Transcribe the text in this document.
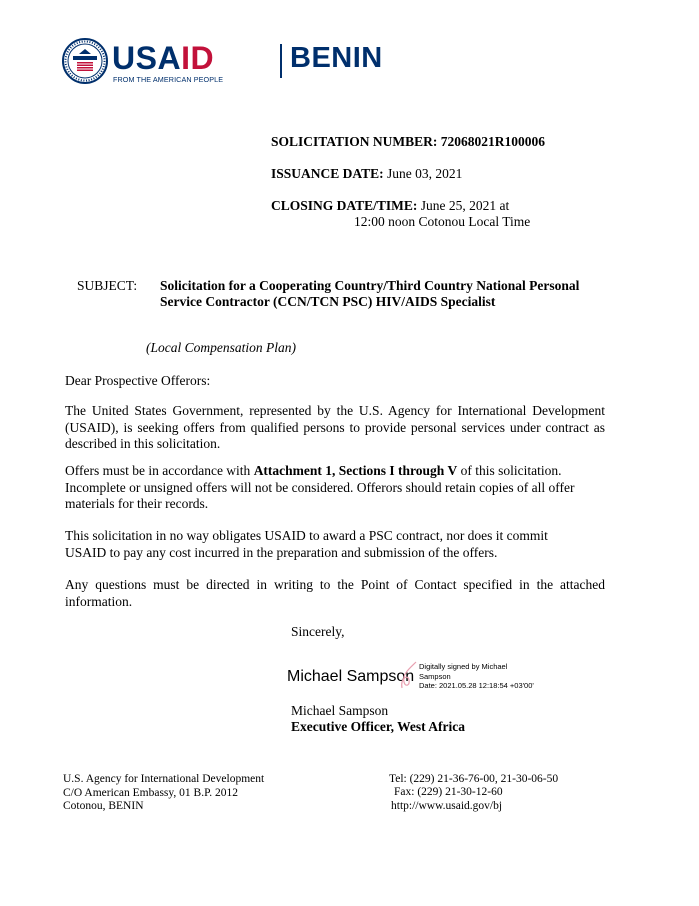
USAID
FROM THE AMERICAN PEOPLE
BENIN
SOLICITATION NUMBER: 72068021R100006
ISSUANCE DATE: June 03, 2021
CLOSING DATE/TIME: June 25, 2021 at
12:00 noon Cotonou Local Time
SUBJECT: Solicitation for a Cooperating Country/Third Country National Personal
Service Contractor (CCN/TCN PSC) HIV/AIDS Specialist
(Local Compensation Plan)
Dear Prospective Offerors:
The United States Government, represented by the U.S. Agency for International Development
(USAID), is seeking offers from qualified persons to provide personal services under contract as
described in this solicitation.
Offers must be in accordance with Attachment 1, Sections I through V of this solicitation.
Incomplete or unsigned offers will not be considered. Offerors should retain copies of all offer
materials for their records.
This solicitation in no way obligates USAID to award a PSC contract, nor does it commit
USAID to pay any cost incurred in the preparation and submission of the offers.
Any questions must be directed in writing to the Point of Contact specified in the attached
information.
Sincerely,
Michael Sampson
Digitally signed by Michael
Sampson
Date: 2021.05.28 12:18:54 +03'00'
Michael Sampson
Executive Officer, West Africa
U.S. Agency for International Development
C/O American Embassy, 01 B.P. 2012
Cotonou, BENIN
Tel: (229) 21-36-76-00, 21-30-06-50
Fax: (229) 21-30-12-60
http://www.usaid.gov/bj
